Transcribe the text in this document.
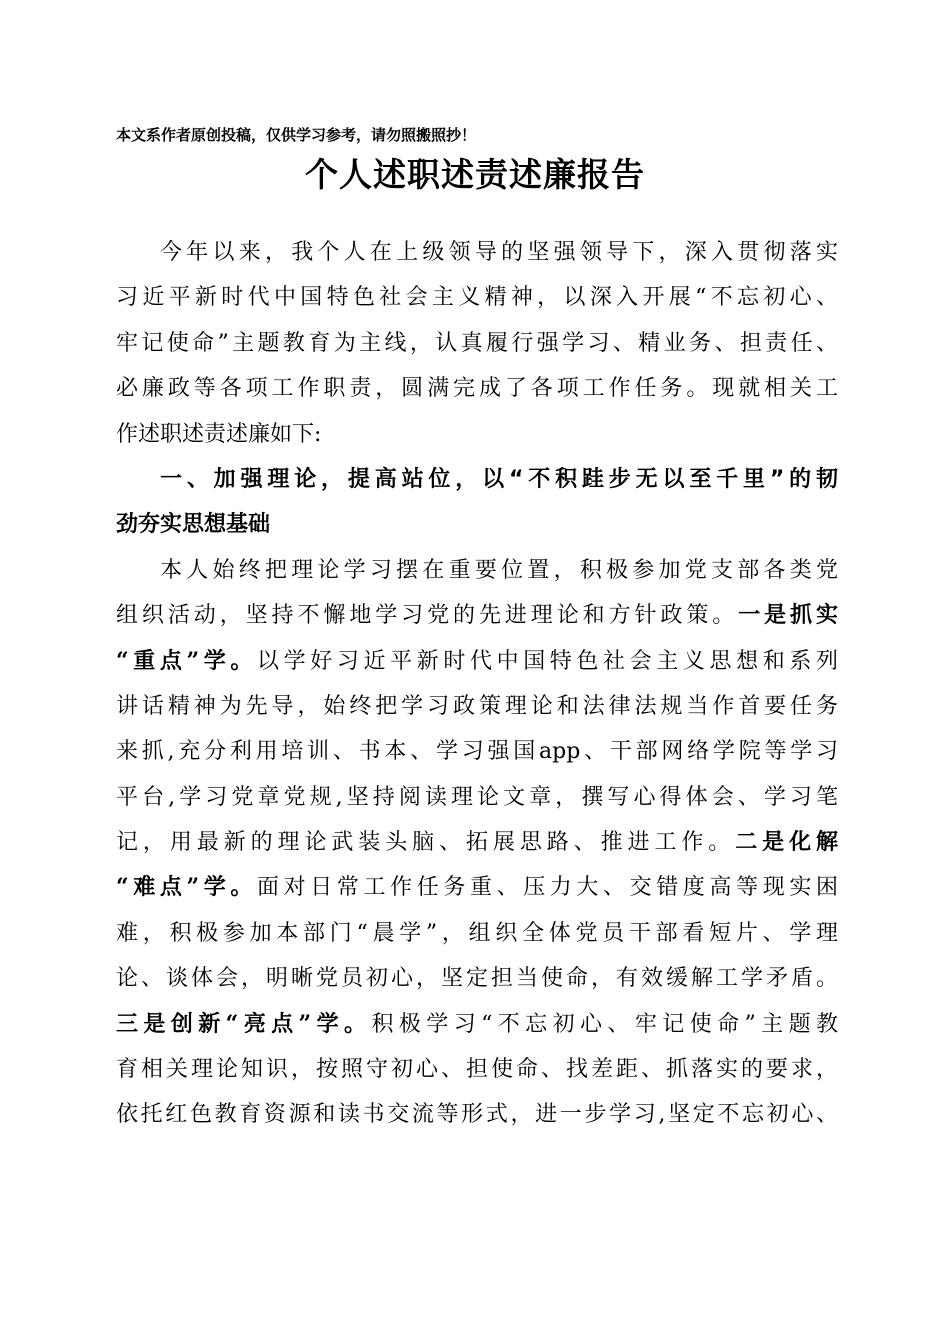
本文系作者原创投稿，仅供学习参考，请勿照搬照抄！
个人述职述责述廉报告
今年以来，我个人在上级领导的坚强领导下，深入贯彻落实
习近平新时代中国特色社会主义精神，以深入开展“不忘初心、
牢记使命”主题教育为主线，认真履行强学习、精业务、担责任、
必廉政等各项工作职责，圆满完成了各项工作任务。现就相关工
作述职述责述廉如下:
一、加强理论，提高站位，以“不积跬步无以至千里”的韧
劲夯实思想基础
本人始终把理论学习摆在重要位置，积极参加党支部各类党
组织活动，坚持不懈地学习党的先进理论和方针政策。一是抓实
“重点”学。以学好习近平新时代中国特色社会主义思想和系列
讲话精神为先导，始终把学习政策理论和法律法规当作首要任务
来抓,充分利用培训、书本、学习强国app、干部网络学院等学习
平台,学习党章党规,坚持阅读理论文章，撰写心得体会、学习笔
记，用最新的理论武装头脑、拓展思路、推进工作。二是化解
“难点”学。面对日常工作任务重、压力大、交错度高等现实困
难，积极参加本部门“晨学”，组织全体党员干部看短片、学理
论、谈体会，明晰党员初心，坚定担当使命，有效缓解工学矛盾。
三是创新“亮点”学。积极学习“不忘初心、牢记使命”主题教
育相关理论知识，按照守初心、担使命、找差距、抓落实的要求，
依托红色教育资源和读书交流等形式，进一步学习,坚定不忘初心、
